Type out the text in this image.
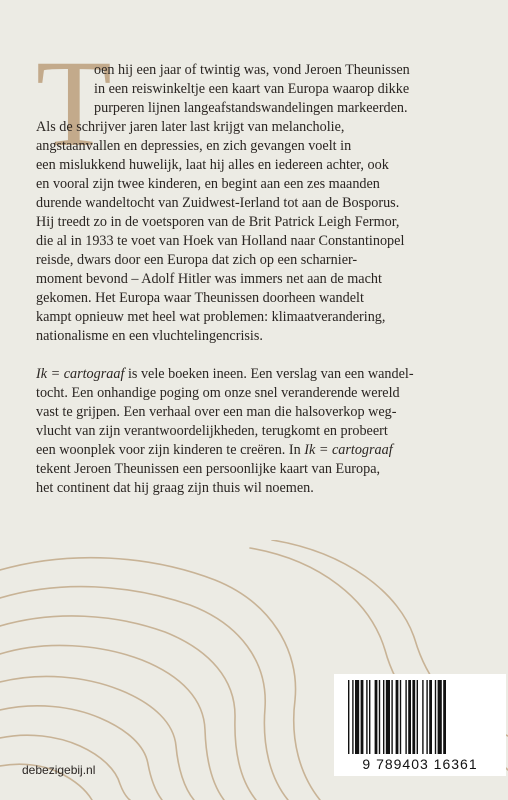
T

oen hij een jaar of twintig was, vond Jeroen Theunissen

in een reiswinkeltje een kaart van Europa waarop dikke

purperen lijnen langeafstandswandelingen markeerden.

Als de schrijver jaren later last krijgt van melancholie,

angstaanvallen en depressies, en zich gevangen voelt in

een mislukkend huwelijk, laat hij alles en iedereen achter, ook

en vooral zijn twee kinderen, en begint aan een zes maanden

durende wandeltocht van Zuidwest-Ierland tot aan de Bosporus.

Hij treedt zo in de voetsporen van de Brit Patrick Leigh Fermor,

die al in 1933 te voet van Hoek van Holland naar Constantinopel

reisde, dwars door een Europa dat zich op een scharnier-

moment bevond – Adolf Hitler was immers net aan de macht

gekomen. Het Europa waar Theunissen doorheen wandelt

kampt opnieuw met heel wat problemen: klimaatverandering,

nationalisme en een vluchtelingencrisis.

Ik = cartograaf is vele boeken ineen. Een verslag van een wandel-

tocht. Een onhandige poging om onze snel veranderende wereld

vast te grijpen. Een verhaal over een man die halsoverkop weg-

vlucht van zijn verantwoordelijkheden, terugkomt en probeert

een woonplek voor zijn kinderen te creëren. In Ik = cartograaf

tekent Jeroen Theunissen een persoonlijke kaart van Europa,

het continent dat hij graag zijn thuis wil noemen.

debezigebij.nl	9 789403 16361
